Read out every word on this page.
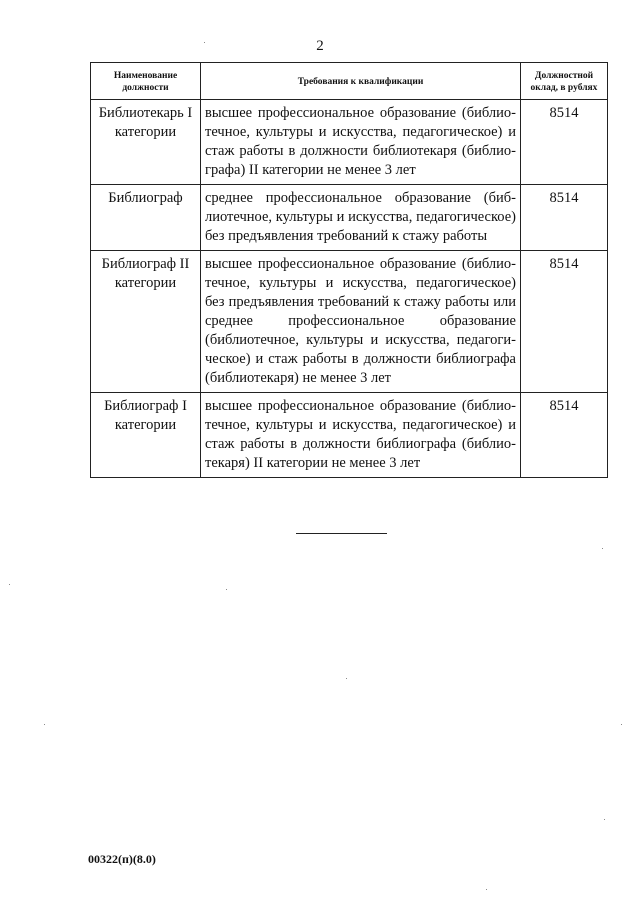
2
Наименование должности	Требования к квалификации	Должностной оклад, в рублях
Библиотекарь I категории	высшее профессиональное образование (библиотечное, культуры и искусства, педагогическое) и стаж работы в должности библиотекаря (библиографа) II категории не менее 3 лет	8514
Библиограф	среднее профессиональное образование (библиотечное, культуры и искусства, педагогическое) без предъявления требований к стажу работы	8514
Библиограф II категории	высшее профессиональное образование (библиотечное, культуры и искусства, педагогическое) без предъявления требований к стажу работы или среднее профессиональное образование (библиотечное, культуры и искусства, педагогическое) и стаж работы в должности библиографа (библиотекаря) не менее 3 лет	8514
Библиограф I категории	высшее профессиональное образование (библиотечное, культуры и искусства, педагогическое) и стаж работы в должности библиографа (библиотекаря) II категории не менее 3 лет	8514
00322(п)(8.0)
